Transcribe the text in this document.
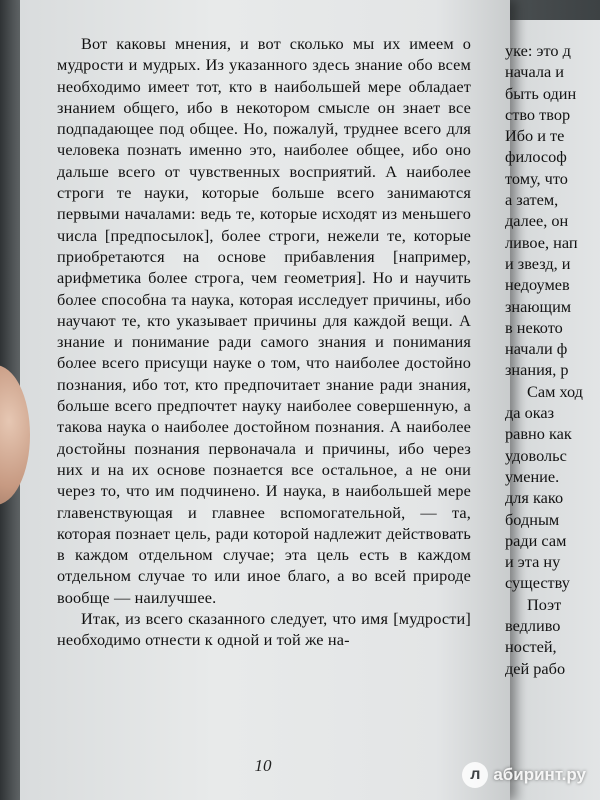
Вот каковы мнения, и вот сколько мы их имеем о мудрости и мудрых. Из указанного здесь знание обо всем необходимо имеет тот, кто в наибольшей мере обладает знанием общего, ибо в некотором смысле он знает все подпадающее под общее. Но, пожалуй, труднее всего для человека познать именно это, наиболее общее, ибо оно дальше всего от чувственных восприятий. А наиболее строги те науки, которые больше всего занимаются первыми началами: ведь те, которые исходят из меньшего числа [предпосылок], более строги, нежели те, которые приобретаются на основе прибавления [например, арифметика более строга, чем геометрия]. Но и научить более способна та наука, которая исследует причины, ибо научают те, кто указывает причины для каждой вещи. А знание и понимание ради самого знания и понимания более всего присущи науке о том, что наиболее достойно познания, ибо тот, кто предпочитает знание ради знания, больше всего предпочтет науку наиболее совершенную, а такова наука о наиболее достойном познания. А наиболее достойны познания первоначала и причины, ибо через них и на их основе познается все остальное, а не они через то, что им подчинено. И наука, в наибольшей мере главенствующая и главнее вспомогательной, — та, которая познает цель, ради которой надлежит действовать в каждом отдельном случае; эта цель есть в каждом отдельном случае то или иное благо, а во всей природе вообще — наилучшее.

Итак, из всего сказанного следует, что имя [мудрости] необходимо отнести к одной и той же на-

10
уке: это д
начала и
быть один
ство твор
Ибо и те
философ
тому, что
а затем,
далее, он
ливое, нап
и звезд, и
недоумев
знающим
в некото
начали ф
знания, р
Сам ход
да оказ
равно как
удовольс
умение.
для како
бодным
ради сам
и эта ну
существу
Поэт
ведливо
ностей,
дей рабо
л абиринт.ру
